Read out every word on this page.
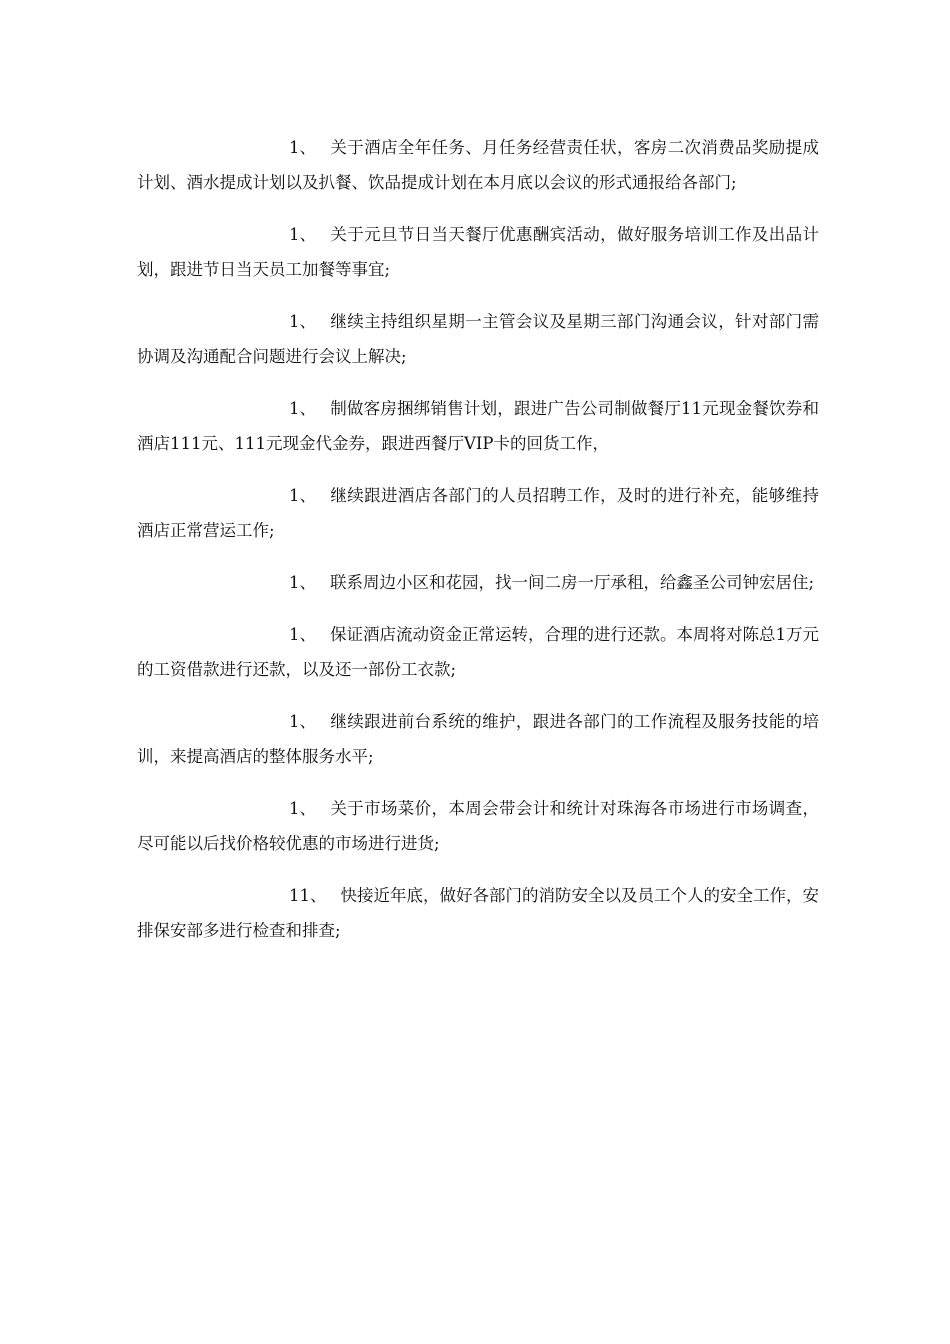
1、 关于酒店全年任务、月任务经营责任状，客房二次消费品奖励提成计划、酒水提成计划以及扒餐、饮品提成计划在本月底以会议的形式通报给各部门;

1、 关于元旦节日当天餐厅优惠酬宾活动，做好服务培训工作及出品计划，跟进节日当天员工加餐等事宜;

1、 继续主持组织星期一主管会议及星期三部门沟通会议，针对部门需协调及沟通配合问题进行会议上解决;

1、 制做客房捆绑销售计划，跟进广告公司制做餐厅11元现金餐饮券和酒店111元、111元现金代金券，跟进西餐厅VIP卡的回货工作，

1、 继续跟进酒店各部门的人员招聘工作，及时的进行补充，能够维持酒店正常营运工作;

1、 联系周边小区和花园，找一间二房一厅承租，给鑫圣公司钟宏居住;

1、 保证酒店流动资金正常运转，合理的进行还款。本周将对陈总1万元的工资借款进行还款，以及还一部份工衣款;

1、 继续跟进前台系统的维护，跟进各部门的工作流程及服务技能的培训，来提高酒店的整体服务水平;

1、 关于市场菜价，本周会带会计和统计对珠海各市场进行市场调查，尽可能以后找价格较优惠的市场进行进货;

11、 快接近年底，做好各部门的消防安全以及员工个人的安全工作，安排保安部多进行检查和排查;
